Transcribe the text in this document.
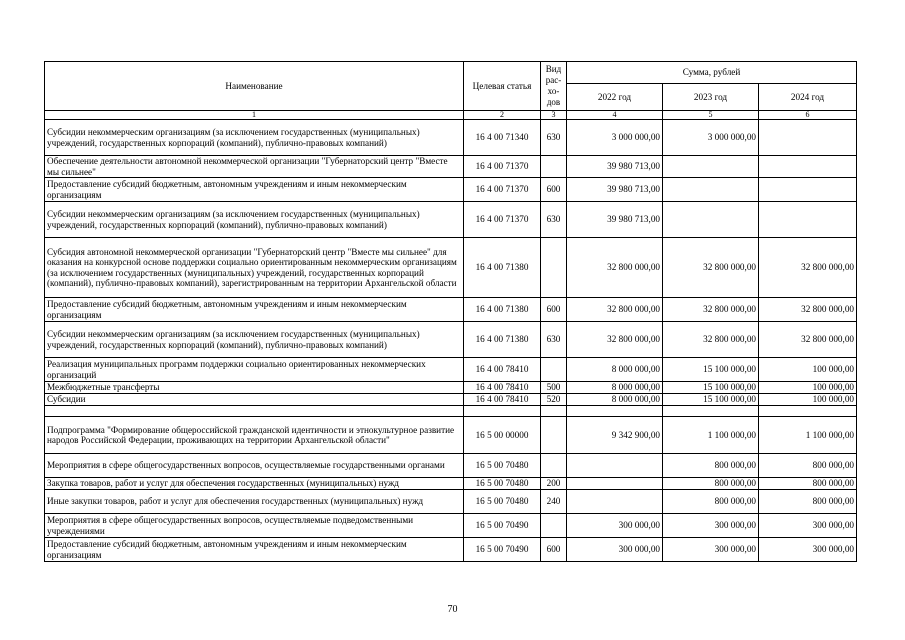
Наименование	Целевая статья	Вид
рас-
хо-
дов	Сумма, рублей		
			2022 год	2023 год	2024 год
1	2	3	4	5	6
Субсидии некоммерческим организациям (за исключением государственных (муниципальных) учреждений, государственных корпораций (компаний), публично-правовых компаний)	16 4 00 71340	630	3 000 000,00	3 000 000,00	
Обеспечение деятельности автономной некоммерческой организации "Губернаторский центр "Вместе мы сильнее"	16 4 00 71370		39 980 713,00		
Предоставление субсидий бюджетным, автономным учреждениям и иным некоммерческим организациям	16 4 00 71370	600	39 980 713,00		
Субсидии некоммерческим организациям (за исключением государственных (муниципальных) учреждений, государственных корпораций (компаний), публично-правовых компаний)	16 4 00 71370	630	39 980 713,00		
Субсидия автономной некоммерческой организации "Губернаторский центр "Вместе мы сильнее" для оказания на конкурсной основе поддержки социально ориентированным некоммерческим организациям (за исключением государственных (муниципальных) учреждений, государственных корпораций (компаний), публично-правовых компаний), зарегистрированным на территории Архангельской области	16 4 00 71380		32 800 000,00	32 800 000,00	32 800 000,00
Предоставление субсидий бюджетным, автономным учреждениям и иным некоммерческим организациям	16 4 00 71380	600	32 800 000,00	32 800 000,00	32 800 000,00
Субсидии некоммерческим организациям (за исключением государственных (муниципальных) учреждений, государственных корпораций (компаний), публично-правовых компаний)	16 4 00 71380	630	32 800 000,00	32 800 000,00	32 800 000,00
Реализация муниципальных программ поддержки социально ориентированных некоммерческих организаций	16 4 00 78410		8 000 000,00	15 100 000,00	100 000,00
Межбюджетные трансферты	16 4 00 78410	500	8 000 000,00	15 100 000,00	100 000,00
Субсидии	16 4 00 78410	520	8 000 000,00	15 100 000,00	100 000,00

Подпрограмма "Формирование общероссийской гражданской идентичности и этнокультурное развитие народов Российской Федерации, проживающих на территории Архангельской области"	16 5 00 00000		9 342 900,00	1 100 000,00	1 100 000,00
Мероприятия в сфере общегосударственных вопросов, осуществляемые государственными органами	16 5 00 70480			800 000,00	800 000,00
Закупка товаров, работ и услуг для обеспечения государственных (муниципальных) нужд	16 5 00 70480	200		800 000,00	800 000,00
Иные закупки товаров, работ и услуг для обеспечения государственных (муниципальных) нужд	16 5 00 70480	240		800 000,00	800 000,00
Мероприятия в сфере общегосударственных вопросов, осуществляемые подведомственными учреждениями	16 5 00 70490		300 000,00	300 000,00	300 000,00
Предоставление субсидий бюджетным, автономным учреждениям и иным некоммерческим организациям	16 5 00 70490	600	300 000,00	300 000,00	300 000,00
70
